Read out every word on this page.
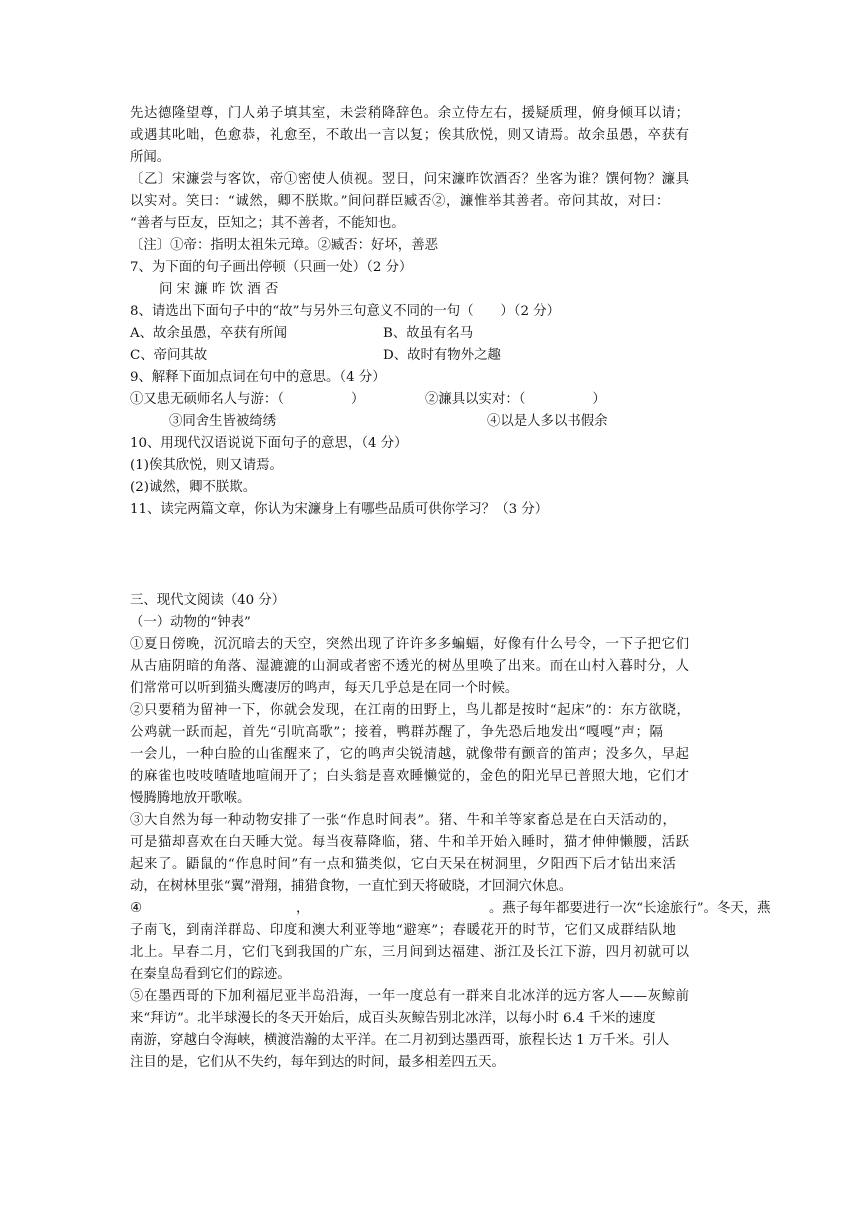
先达德隆望尊，门人弟子填其室，未尝稍降辞色。余立侍左右，援疑质理，俯身倾耳以请；
或遇其叱咄，色愈恭，礼愈至，不敢出一言以复；俟其欣悦，则又请焉。故余虽愚，卒获有
所闻。
〔乙〕宋濂尝与客饮，帝①密使人侦视。翌日，问宋濂昨饮酒否？坐客为谁？馔何物？濂具
以实对。笑曰：“诚然，卿不朕欺。”间问群臣臧否②，濂惟举其善者。帝问其故，对曰：
“善者与臣友，臣知之；其不善者，不能知也。
〔注〕①帝：指明太祖朱元璋。②臧否：好坏，善恶
7、为下面的句子画出停顿（只画一处）（2 分）
问 宋 濂 昨 饮 酒 否
8、请选出下面句子中的“故”与另外三句意义不同的一句（　　）（2 分）
A、故余虽愚，卒获有所闻	B、故虽有名马
C、帝问其故	D、故时有物外之趣
9、解释下面加点词在句中的意思。（4 分）
①又患无硕师名人与游：（　　　　　）	②濂具以实对：（　　　　　）
③同舍生皆被绮绣	④以是人多以书假余
10、用现代汉语说说下面句子的意思，（4 分）
(1)俟其欣悦，则又请焉。
(2)诚然，卿不朕欺。
11、读完两篇文章，你认为宋濂身上有哪些品质可供你学习？（3 分）
三、现代文阅读（40 分）
（一）动物的“钟表”
①夏日傍晚，沉沉暗去的天空，突然出现了许许多多蝙蝠，好像有什么号令，一下子把它们
从古庙阴暗的角落、湿漉漉的山洞或者密不透光的树丛里唤了出来。而在山村入暮时分，人
们常常可以听到猫头鹰凄厉的鸣声，每天几乎总是在同一个时候。
②只要稍为留神一下，你就会发现，在江南的田野上，鸟儿都是按时“起床”的：东方欲晓，
公鸡就一跃而起，首先“引吭高歌”；接着，鸭群苏醒了，争先恐后地发出“嘎嘎”声；隔
一会儿，一种白脸的山雀醒来了，它的鸣声尖锐清越，就像带有颤音的笛声；没多久，早起
的麻雀也吱吱喳喳地喧闹开了；白头翁是喜欢睡懒觉的，金色的阳光早已普照大地，它们才
慢腾腾地放开歌喉。
③大自然为每一种动物安排了一张“作息时间表”。猪、牛和羊等家畜总是在白天活动的，
可是猫却喜欢在白天睡大觉。每当夜幕降临，猪、牛和羊开始入睡时，猫才伸伸懒腰，活跃
起来了。鼯鼠的“作息时间”有一点和猫类似，它白天呆在树洞里，夕阳西下后才钻出来活
动，在树林里张“翼”滑翔，捕猎食物，一直忙到天将破晓，才回洞穴休息。
④	，	。燕子每年都要进行一次“长途旅行”。冬天，燕
子南飞，到南洋群岛、印度和澳大利亚等地“避寒”；春暖花开的时节，它们又成群结队地
北上。早春二月，它们飞到我国的广东，三月间到达福建、浙江及长江下游，四月初就可以
在秦皇岛看到它们的踪迹。
⑤在墨西哥的下加利福尼亚半岛沿海，一年一度总有一群来自北冰洋的远方客人——灰鲸前
来“拜访”。北半球漫长的冬天开始后，成百头灰鲸告别北冰洋，以每小时 6.4 千米的速度
南游，穿越白令海峡，横渡浩瀚的太平洋。在二月初到达墨西哥，旅程长达 1 万千米。引人
注目的是，它们从不失约，每年到达的时间，最多相差四五天。
